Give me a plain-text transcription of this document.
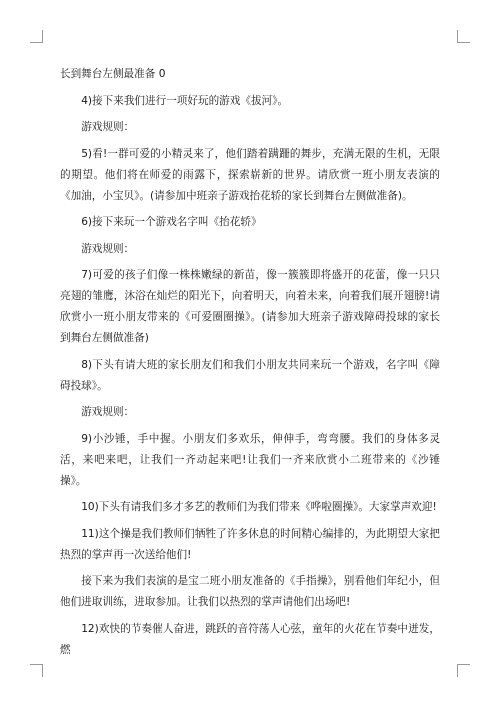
长到舞台左侧最准备 0

4)接下来我们进行一项好玩的游戏《拔河》。

游戏规则：

5)看!一群可爱的小精灵来了，他们踏着蹒跚的舞步，充满无限的生机，无限的期望。他们将在师爱的雨露下，探索崭新的世界。请欣赏一班小朋友表演的《加油，小宝贝》。(请参加中班亲子游戏抬花轿的家长到舞台左侧做准备)。

6)接下来玩一个游戏名字叫《抬花轿》

游戏规则：

7)可爱的孩子们像一株株嫩绿的新苗，像一簇簇即将盛开的花蕾，像一只只亮翅的雏鹰，沐浴在灿烂的阳光下，向着明天，向着未来，向着我们展开翅膀!请欣赏小一班小朋友带来的《可爱圈圈操》。(请参加大班亲子游戏障碍投球的家长到舞台左侧做准备)

8)下头有请大班的家长朋友们和我们小朋友共同来玩一个游戏，名字叫《障碍投球》。

游戏规则：

9)小沙锤，手中握。小朋友们多欢乐，伸伸手，弯弯腰。我们的身体多灵活，来吧来吧，让我们一齐动起来吧!让我们一齐来欣赏小二班带来的《沙锤操》。

10)下头有请我们多才多艺的教师们为我们带来《哗啦圈操》。大家掌声欢迎!

11)这个操是我们教师们牺牲了许多休息的时间精心编排的，为此期望大家把热烈的掌声再一次送给他们!

接下来为我们表演的是宝二班小朋友准备的《手指操》，别看他们年纪小，但他们进取训练，进取参加。让我们以热烈的掌声请他们出场吧!

12)欢快的节奏催人奋进，跳跃的音符荡人心弦，童年的火花在节奏中迸发，燃
